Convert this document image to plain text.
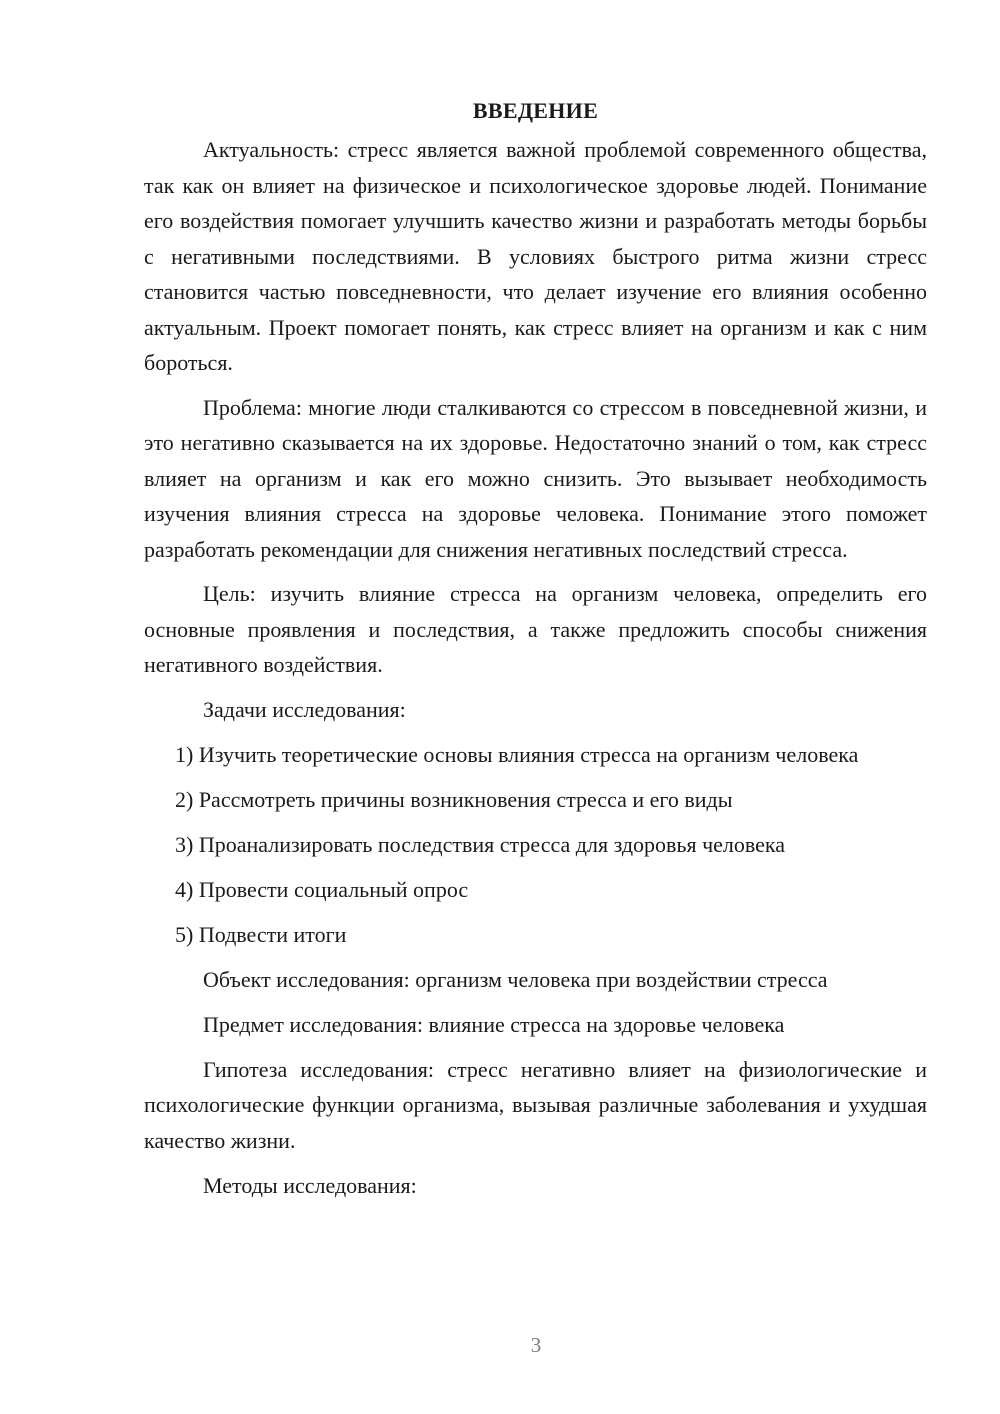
ВВЕДЕНИЕ

Актуальность: стресс является важной проблемой современного общества, так как он влияет на физическое и психологическое здоровье людей. Понимание его воздействия помогает улучшить качество жизни и разработать методы борьбы с негативными последствиями. В условиях быстрого ритма жизни стресс становится частью повседневности, что делает изучение его влияния особенно актуальным. Проект помогает понять, как стресс влияет на организм и как с ним бороться.

Проблема: многие люди сталкиваются со стрессом в повседневной жизни, и это негативно сказывается на их здоровье. Недостаточно знаний о том, как стресс влияет на организм и как его можно снизить. Это вызывает необходимость изучения влияния стресса на здоровье человека. Понимание этого поможет разработать рекомендации для снижения негативных последствий стресса.

Цель: изучить влияние стресса на организм человека, определить его основные проявления и последствия, а также предложить способы снижения негативного воздействия.

Задачи исследования:
1) Изучить теоретические основы влияния стресса на организм человека
2) Рассмотреть причины возникновения стресса и его виды
3) Проанализировать последствия стресса для здоровья человека
4) Провести социальный опрос
5) Подвести итоги
Объект исследования: организм человека при воздействии стресса
Предмет исследования: влияние стресса на здоровье человека

Гипотеза исследования: стресс негативно влияет на физиологические и психологические функции организма, вызывая различные заболевания и ухудшая качество жизни.

Методы исследования:
3
